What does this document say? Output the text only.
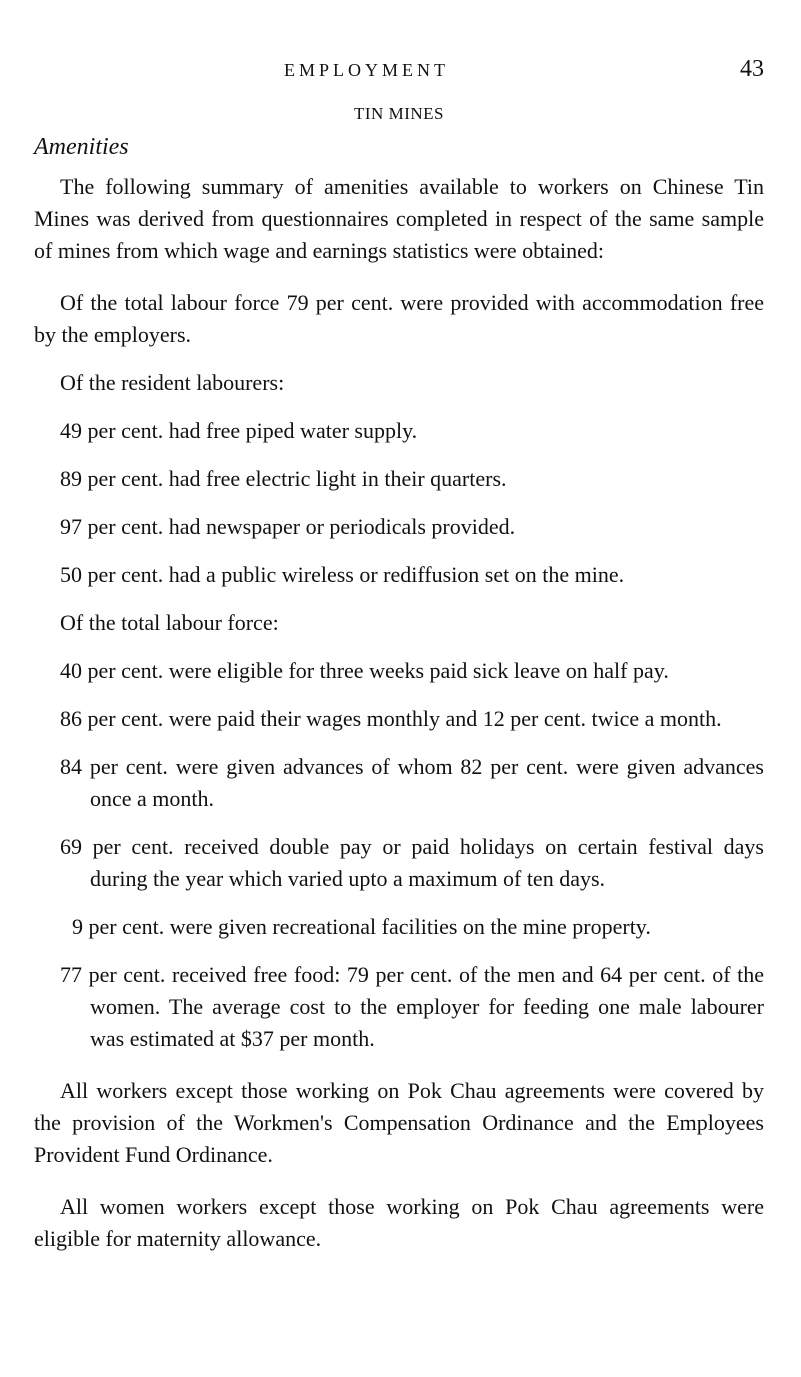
EMPLOYMENT	43
TIN MINES
Amenities

The following summary of amenities available to workers on Chinese Tin Mines was derived from questionnaires completed in respect of the same sample of mines from which wage and earnings statistics were obtained:

Of the total labour force 79 per cent. were provided with accommodation free by the employers.

Of the resident labourers:

49 per cent. had free piped water supply.

89 per cent. had free electric light in their quarters.

97 per cent. had newspaper or periodicals provided.

50 per cent. had a public wireless or rediffusion set on the mine.

Of the total labour force:

40 per cent. were eligible for three weeks paid sick leave on half pay.

86 per cent. were paid their wages monthly and 12 per cent. twice a month.

84 per cent. were given advances of whom 82 per cent. were given advances once a month.

69 per cent. received double pay or paid holidays on certain festival days during the year which varied upto a maximum of ten days.

9 per cent. were given recreational facilities on the mine property.

77 per cent. received free food: 79 per cent. of the men and 64 per cent. of the women. The average cost to the employer for feeding one male labourer was estimated at $37 per month.

All workers except those working on Pok Chau agreements were covered by the provision of the Workmen's Compensation Ordinance and the Employees Provident Fund Ordinance.

All women workers except those working on Pok Chau agreements were eligible for maternity allowance.
